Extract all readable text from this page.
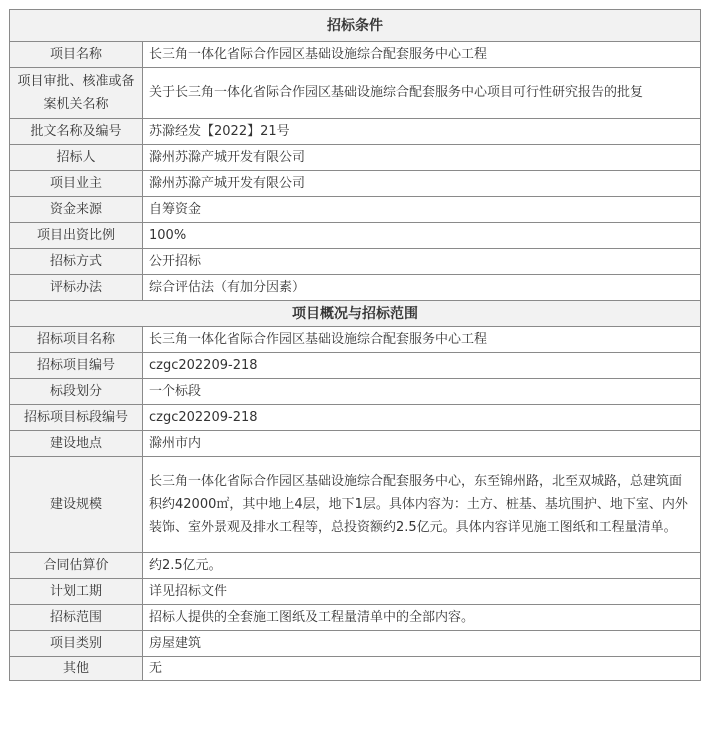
招标条件	
项目名称	长三角一体化省际合作园区基础设施综合配套服务中心工程
项目审批、核准或备案机关名称	关于长三角一体化省际合作园区基础设施综合配套服务中心项目可行性研究报告的批复
批文名称及编号	苏滁经发【2022】21号
招标人	滁州苏滁产城开发有限公司
项目业主	滁州苏滁产城开发有限公司
资金来源	自筹资金
项目出资比例	100%
招标方式	公开招标
评标办法	综合评估法（有加分因素）
项目概况与招标范围	
招标项目名称	长三角一体化省际合作园区基础设施综合配套服务中心工程
招标项目编号	czgc202209-218
标段划分	一个标段
招标项目标段编号	czgc202209-218
建设地点	滁州市内
建设规模	长三角一体化省际合作园区基础设施综合配套服务中心，东至锦州路，北至双城路，总建筑面积约42000㎡，其中地上4层，地下1层。具体内容为：土方、桩基、基坑围护、地下室、内外装饰、室外景观及排水工程等，总投资额约2.5亿元。具体内容详见施工图纸和工程量清单。
合同估算价	约2.5亿元。
计划工期	详见招标文件
招标范围	招标人提供的全套施工图纸及工程量清单中的全部内容。
项目类别	房屋建筑
其他	无
